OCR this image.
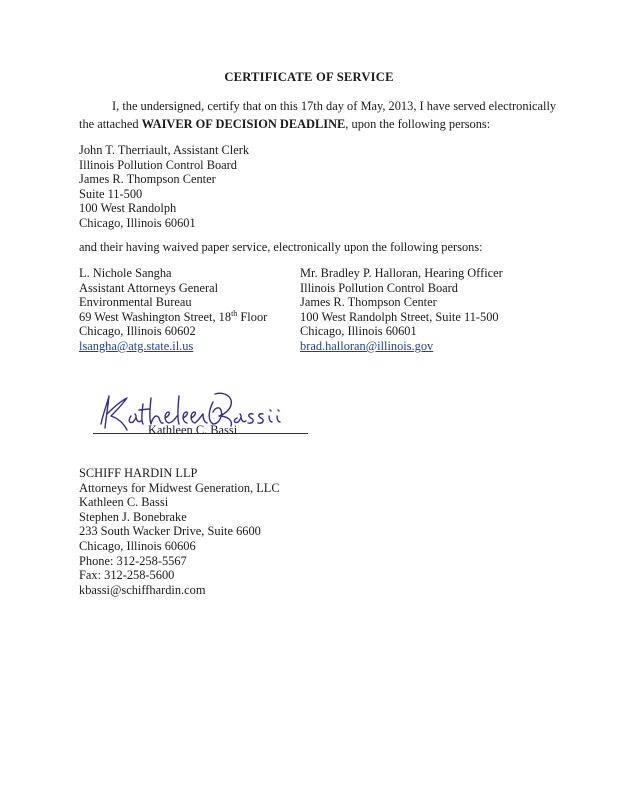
CERTIFICATE OF SERVICE
I, the undersigned, certify that on this 17th day of May, 2013, I have served electronically the attached WAIVER OF DECISION DEADLINE, upon the following persons:
John T. Therriault, Assistant Clerk
Illinois Pollution Control Board
James R. Thompson Center
Suite 11-500
100 West Randolph
Chicago, Illinois 60601
and their having waived paper service, electronically upon the following persons:
L. Nichole Sangha
Assistant Attorneys General
Environmental Bureau
69 West Washington Street, 18th Floor
Chicago, Illinois 60602
lsangha@atg.state.il.us
Mr. Bradley P. Halloran, Hearing Officer
Illinois Pollution Control Board
James R. Thompson Center
100 West Randolph Street, Suite 11-500
Chicago, Illinois 60601
brad.halloran@illinois.gov
Kathleen C. Bassi
SCHIFF HARDIN LLP
Attorneys for Midwest Generation, LLC
Kathleen C. Bassi
Stephen J. Bonebrake
233 South Wacker Drive, Suite 6600
Chicago, Illinois 60606
Phone: 312-258-5567
Fax: 312-258-5600
kbassi@schiffhardin.com
